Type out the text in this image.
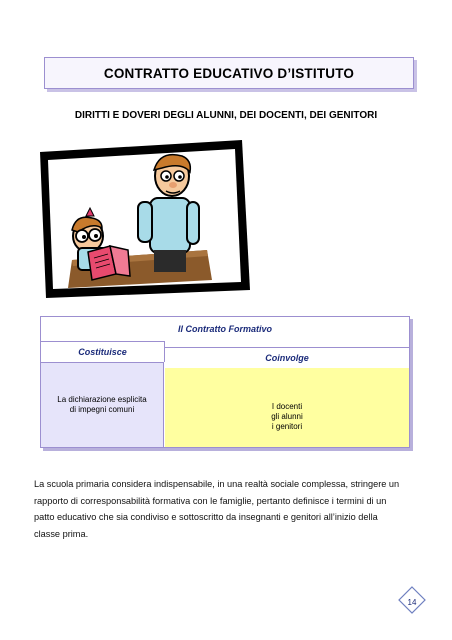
CONTRATTO EDUCATIVO D’ISTITUTO
DIRITTI E DOVERI DEGLI ALUNNI, DEI DOCENTI, DEI GENITORI
Il Contratto Formativo
Costituisce
Coinvolge
La dichiarazione esplicita
di impegni comuni	I docenti
gli alunni
i genitori
La scuola primaria considera indispensabile, in una realtà sociale complessa, stringere un
rapporto di corresponsabilità formativa con le famiglie, pertanto definisce i termini di un
patto educativo che sia condiviso e sottoscritto da insegnanti e genitori all’inizio della
classe prima.
14
